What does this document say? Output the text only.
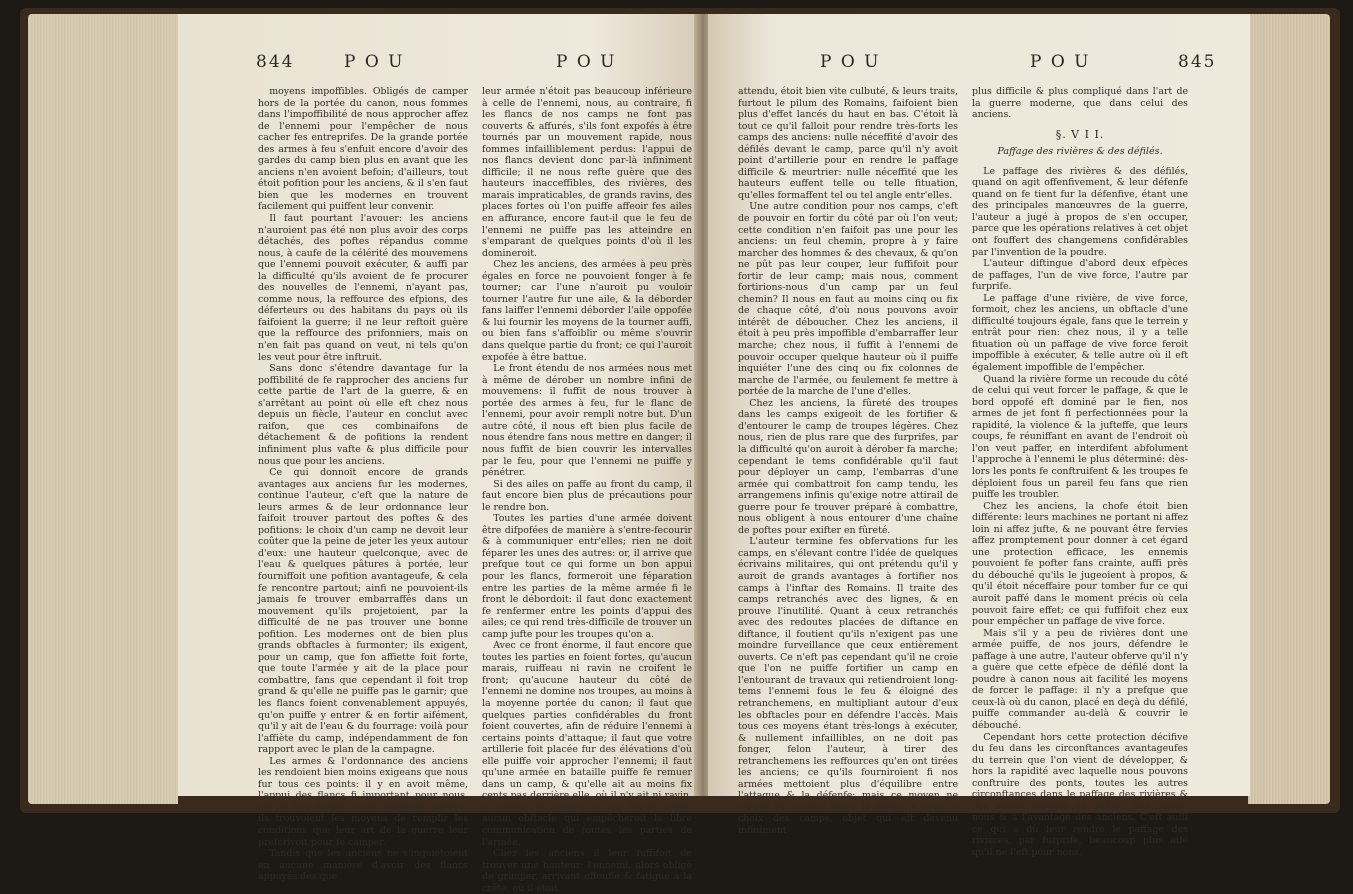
844	P O U	P O U

moyens impoffibles. Obligés de camper hors de la portée du canon, nous fommes dans l'impoffibilité de nous approcher affez de l'ennemi pour l'empêcher de nous cacher fes entreprifes. De la grande portée des armes à feu s'enfuit encore d'avoir des gardes du camp bien plus en avant que les anciens n'en avoient befoin; d'ailleurs, tout étoit pofition pour les anciens, & il s'en faut bien que les modernes en trouvent facilement qui puiffent leur convenir.

Il faut pourtant l'avouer: les anciens n'auroient pas été non plus avoir des corps détachés, des poftes répandus comme nous, à caufe de la célérité des mouvemens que l'ennemi pouvoit exécuter, & auffi par la difficulté qu'ils avoient de fe procurer des nouvelles de l'ennemi, n'ayant pas, comme nous, la reffource des efpions, des déferteurs ou des habitans du pays où ils faifoient la guerre; il ne leur reftoit guère que la reffource des prifonniers, mais on n'en fait pas quand on veut, ni tels qu'on les veut pour être inftruit.

Sans donc s'étendre davantage fur la poffibilité de fe rapprocher des anciens fur cette partie de l'art de la guerre, & en s'arrêtant au point où elle eft chez nous depuis un fiècle, l'auteur en conclut avec raifon, que ces combinaifons de détachement & de pofitions la rendent infiniment plus vafte & plus difficile pour nous que pour les anciens.

Ce qui donnoit encore de grands avantages aux anciens fur les modernes, continue l'auteur, c'eft que la nature de leurs armes & de leur ordonnance leur faifoit trouver partout des poftes & des pofitions: le choix d'un camp ne devoit leur coûter que la peine de jeter les yeux autour d'eux: une hauteur quelconque, avec de l'eau & quelques pâtures à portée, leur fourniffoit une pofition avantageufe, & cela fe rencontre partout; ainfi ne pouvoient-ils jamais fe trouver embarraffés dans un mouvement qu'ils projetoient, par la difficulté de ne pas trouver une bonne pofition. Les modernes ont de bien plus grands obftacles à furmonter; ils exigent, pour un camp, que fon affiette foit forte, que toute l'armée y ait de la place pour combattre, fans que cependant il foit trop grand & qu'elle ne puiffe pas le garnir; que les flancs foient convenablement appuyés, qu'on puiffe y entrer & en fortir aifément, qu'il y ait de l'eau & du fourrage: voilà pour l'affiète du camp, indépendamment de fon rapport avec le plan de la campagne.

Les armes & l'ordonnance des anciens les rendoient bien moins exigeans que nous fur tous ces points: il y en avoit même, l'appui des flancs fi important pour nous, qui ne leur étoient point effentiels: partout ils trouvoient les moyens de remplir les conditions que leur art de la guerre leur prefcrivoit pour fe camper.

Tandis que les anciens ne s'inquiétoient en aucune manière d'avoir des flancs appuyés dès que

leur armée n'étoit pas beaucoup inférieure à celle de l'ennemi, nous, au contraire, fi les flancs de nos camps ne font pas couverts & affurés, s'ils font expofés à être tournés par un mouvement rapide, nous fommes infailliblement perdus: l'appui de nos flancs devient donc par-là infiniment difficile; il ne nous refte guère que des hauteurs inacceffibles, des rivières, des marais impraticables, de grands ravins, des places fortes où l'on puiffe affeoir fes ailes en affurance, encore faut-il que le feu de l'ennemi ne puiffe pas les atteindre en s'emparant de quelques points d'où il les domineroit.

Chez les anciens, des armées à peu près égales en force ne pouvoient fonger à fe tourner; car l'une n'auroit pu vouloir tourner l'autre fur une aile, & la déborder fans laiffer l'ennemi déborder l'aile oppofée & lui fournir les moyens de la tourner auffi, ou bien fans s'affoiblir ou même s'ouvrir dans quelque partie du front; ce qui l'auroit expofée à être battue.

Le front étendu de nos armées nous met à même de dérober un nombre infini de mouvemens: il fuffit de nous trouver à portée des armes à feu, fur le flanc de l'ennemi, pour avoir rempli notre but. D'un autre côté, il nous eft bien plus facile de nous étendre fans nous mettre en danger; il nous fuffit de bien couvrir les intervalles par le feu, pour que l'ennemi ne puiffe y pénétrer.

Si des ailes on paffe au front du camp, il faut encore bien plus de précautions pour le rendre bon.

Toutes les parties d'une armée doivent être difpofées de manière à s'entre-fecourir & à communiquer entr'elles; rien ne doit féparer les unes des autres: or, il arrive que prefque tout ce qui forme un bon appui pour les flancs, formeroit une féparation entre les parties de la même armée fi le front le débordoit: il faut donc exactement fe renfermer entre les points d'appui des ailes; ce qui rend très-difficile de trouver un camp jufte pour les troupes qu'on a.

Avec ce front énorme, il faut encore que toutes les parties en foient fortes, qu'aucun marais, ruiffeau ni ravin ne croifent le front; qu'aucune hauteur du côté de l'ennemi ne domine nos troupes, au moins à la moyenne portée du canon; il faut que quelques parties confidérables du front foient couvertes, afin de réduire l'ennemi à certains points d'attaque; il faut que votre artillerie foit placée fur des élévations d'où elle puiffe voir approcher l'ennemi; il faut qu'une armée en bataille puiffe fe remuer dans un camp, & qu'elle ait au moins fix cents pas derrière elle, où il n'y ait ni ravin, ni rivière, ni marais, ni bois touffu; enfin, aucun obftacle qui empêcheroit la libre communication de toutes les parties de l'armée.

Chez les anciens il leur fuffifoit de trouver une hauteur: l'ennemi, alors obligé de grimper, arrivant effouflé & fatigué à la crête, où il étoit

P O U	P O U	845

attendu, étoit bien vite culbuté, & leurs traits, furtout le pilum des Romains, faifoient bien plus d'effet lancés du haut en bas. C'étoit là tout ce qu'il falloit pour rendre très-forts les camps des anciens: nulle néceffité d'avoir des défilés devant le camp, parce qu'il n'y avoit point d'artillerie pour en rendre le paffage difficile & meurtrier: nulle néceffité que les hauteurs euffent telle ou telle fituation, qu'elles formaffent tel ou tel angle entr'elles.

Une autre condition pour nos camps, c'eft de pouvoir en fortir du côté par où l'on veut; cette condition n'en faifoit pas une pour les anciens: un feul chemin, propre à y faire marcher des hommes & des chevaux, & qu'on ne pût pas leur couper, leur fuffifoit pour fortir de leur camp; mais nous, comment fortirions-nous d'un camp par un feul chemin? Il nous en faut au moins cinq ou fix de chaque côté, d'où nous pouvons avoir intérêt de déboucher. Chez les anciens, il étoit à peu près impoffible d'embarraffer leur marche; chez nous, il fuffit à l'ennemi de pouvoir occuper quelque hauteur où il puiffe inquiéter l'une des cinq ou fix colonnes de marche de l'armée, ou feulement fe mettre à portée de la marche de l'une d'elles.

Chez les anciens, la fûreté des troupes dans les camps exigeoit de les fortifier & d'entourer le camp de troupes légères. Chez nous, rien de plus rare que des furprifes, par la difficulté qu'on auroit à dérober fa marche; cependant le tems confidérable qu'il faut pour déployer un camp, l'embarras d'une armée qui combattroit fon camp tendu, les arrangemens infinis qu'exige notre attirail de guerre pour fe trouver préparé à combattre, nous obligent à nous entourer d'une chaîne de poftes pour exifter en fûreté.

L'auteur termine fes obfervations fur les camps, en s'élevant contre l'idée de quelques écrivains militaires, qui ont prétendu qu'il y auroit de grands avantages à fortifier nos camps à l'inftar des Romains. Il traite des camps retranchés avec des lignes, & en prouve l'inutilité. Quant à ceux retranchés avec des redoutes placées de diftance en diftance, il foutient qu'ils n'exigent pas une moindre furveillance que ceux entièrement ouverts. Ce n'eft pas cependant qu'il ne croie que l'on ne puiffe fortifier un camp en l'entourant de travaux qui retiendroient long-tems l'ennemi fous le feu & éloigné des retranchemens, en multipliant autour d'eux les obftacles pour en défendre l'accès. Mais tous ces moyens étant très-longs à exécuter, & nullement infaillibles, on ne doit pas fonger, felon l'auteur, à tirer des retranchemens les reffources qu'en ont tirées les anciens; ce qu'ils fourniroient fi nos armées mettoient plus d'équilibre entre l'attaque & la défenfe; mais ce moyen ne répare en aucune façon la difficulté dans le choix des camps, objet qui eft devenu infiniment

plus difficile & plus compliqué dans l'art de la guerre moderne, que dans celui des anciens.

§. V I I.
Paffage des rivières & des défilés.

Le paffage des rivières & des défilés, quand on agit offenfivement, & leur défenfe quand on fe tient fur la défenfive, étant une des principales manœuvres de la guerre, l'auteur a jugé à propos de s'en occuper, parce que les opérations relatives à cet objet ont fouffert des changemens confidérables par l'invention de la poudre.

L'auteur diftingue d'abord deux efpèces de paffages, l'un de vive force, l'autre par furprife.

Le paffage d'une rivière, de vive force, formoit, chez les anciens, un obftacle d'une difficulté toujours égale, fans que le terrein y entrât pour rien: chez nous, il y a telle fituation où un paffage de vive force feroit impoffible à exécuter, & telle autre où il eft également impoffible de l'empêcher.

Quand la rivière forme un recoude du côté de celui qui veut forcer le paffage, & que le bord oppofé eft dominé par le fien, nos armes de jet font fi perfectionnées pour la rapidité, la violence & la jufteffe, que leurs coups, fe réuniffant en avant de l'endroit où l'on veut paffer, en interdifent abfolument l'approche à l'ennemi le plus déterminé: dès-lors les ponts fe conftruifent & les troupes fe déploient fous un pareil feu fans que rien puiffe les troubler.

Chez les anciens, la chofe étoit bien différente: leurs machines ne portant ni affez loin ni affez jufte, & ne pouvant être fervies affez promptement pour donner à cet égard une protection efficace, les ennemis pouvoient fe pofter fans crainte, auffi près du débouché qu'ils le jugeoient à propos, & qu'il étoit néceffaire pour tomber fur ce qui auroit paffé dans le moment précis où cela pouvoit faire effet; ce qui fuffifoit chez eux pour empêcher un paffage de vive force.

Mais s'il y a peu de rivières dont une armée puiffe, de nos jours, défendre le paffage à une autre, l'auteur obferve qu'il n'y a guère que cette efpèce de défilé dont la poudre à canon nous ait facilité les moyens de forcer le paffage: il n'y a prefque que ceux-là où du canon, placé en deçà du défilé, puiffe commander au-delà & couvrir le débouché.

Cependant hors cette protection décifive du feu dans les circonftances avantageufes du terrein que l'on vient de développer, & hors la rapidité avec laquelle nous pouvons conftruire des ponts, toutes les autres circonftances dans le paffage des rivières & des autres efpèces de défilés font contre nous & à l'avantage des anciens. C'eft auffi ce qui a dû leur rendre le paffage des rivières, par furprife, beaucoup plus aifé qu'il ne l'eft pour nons.
